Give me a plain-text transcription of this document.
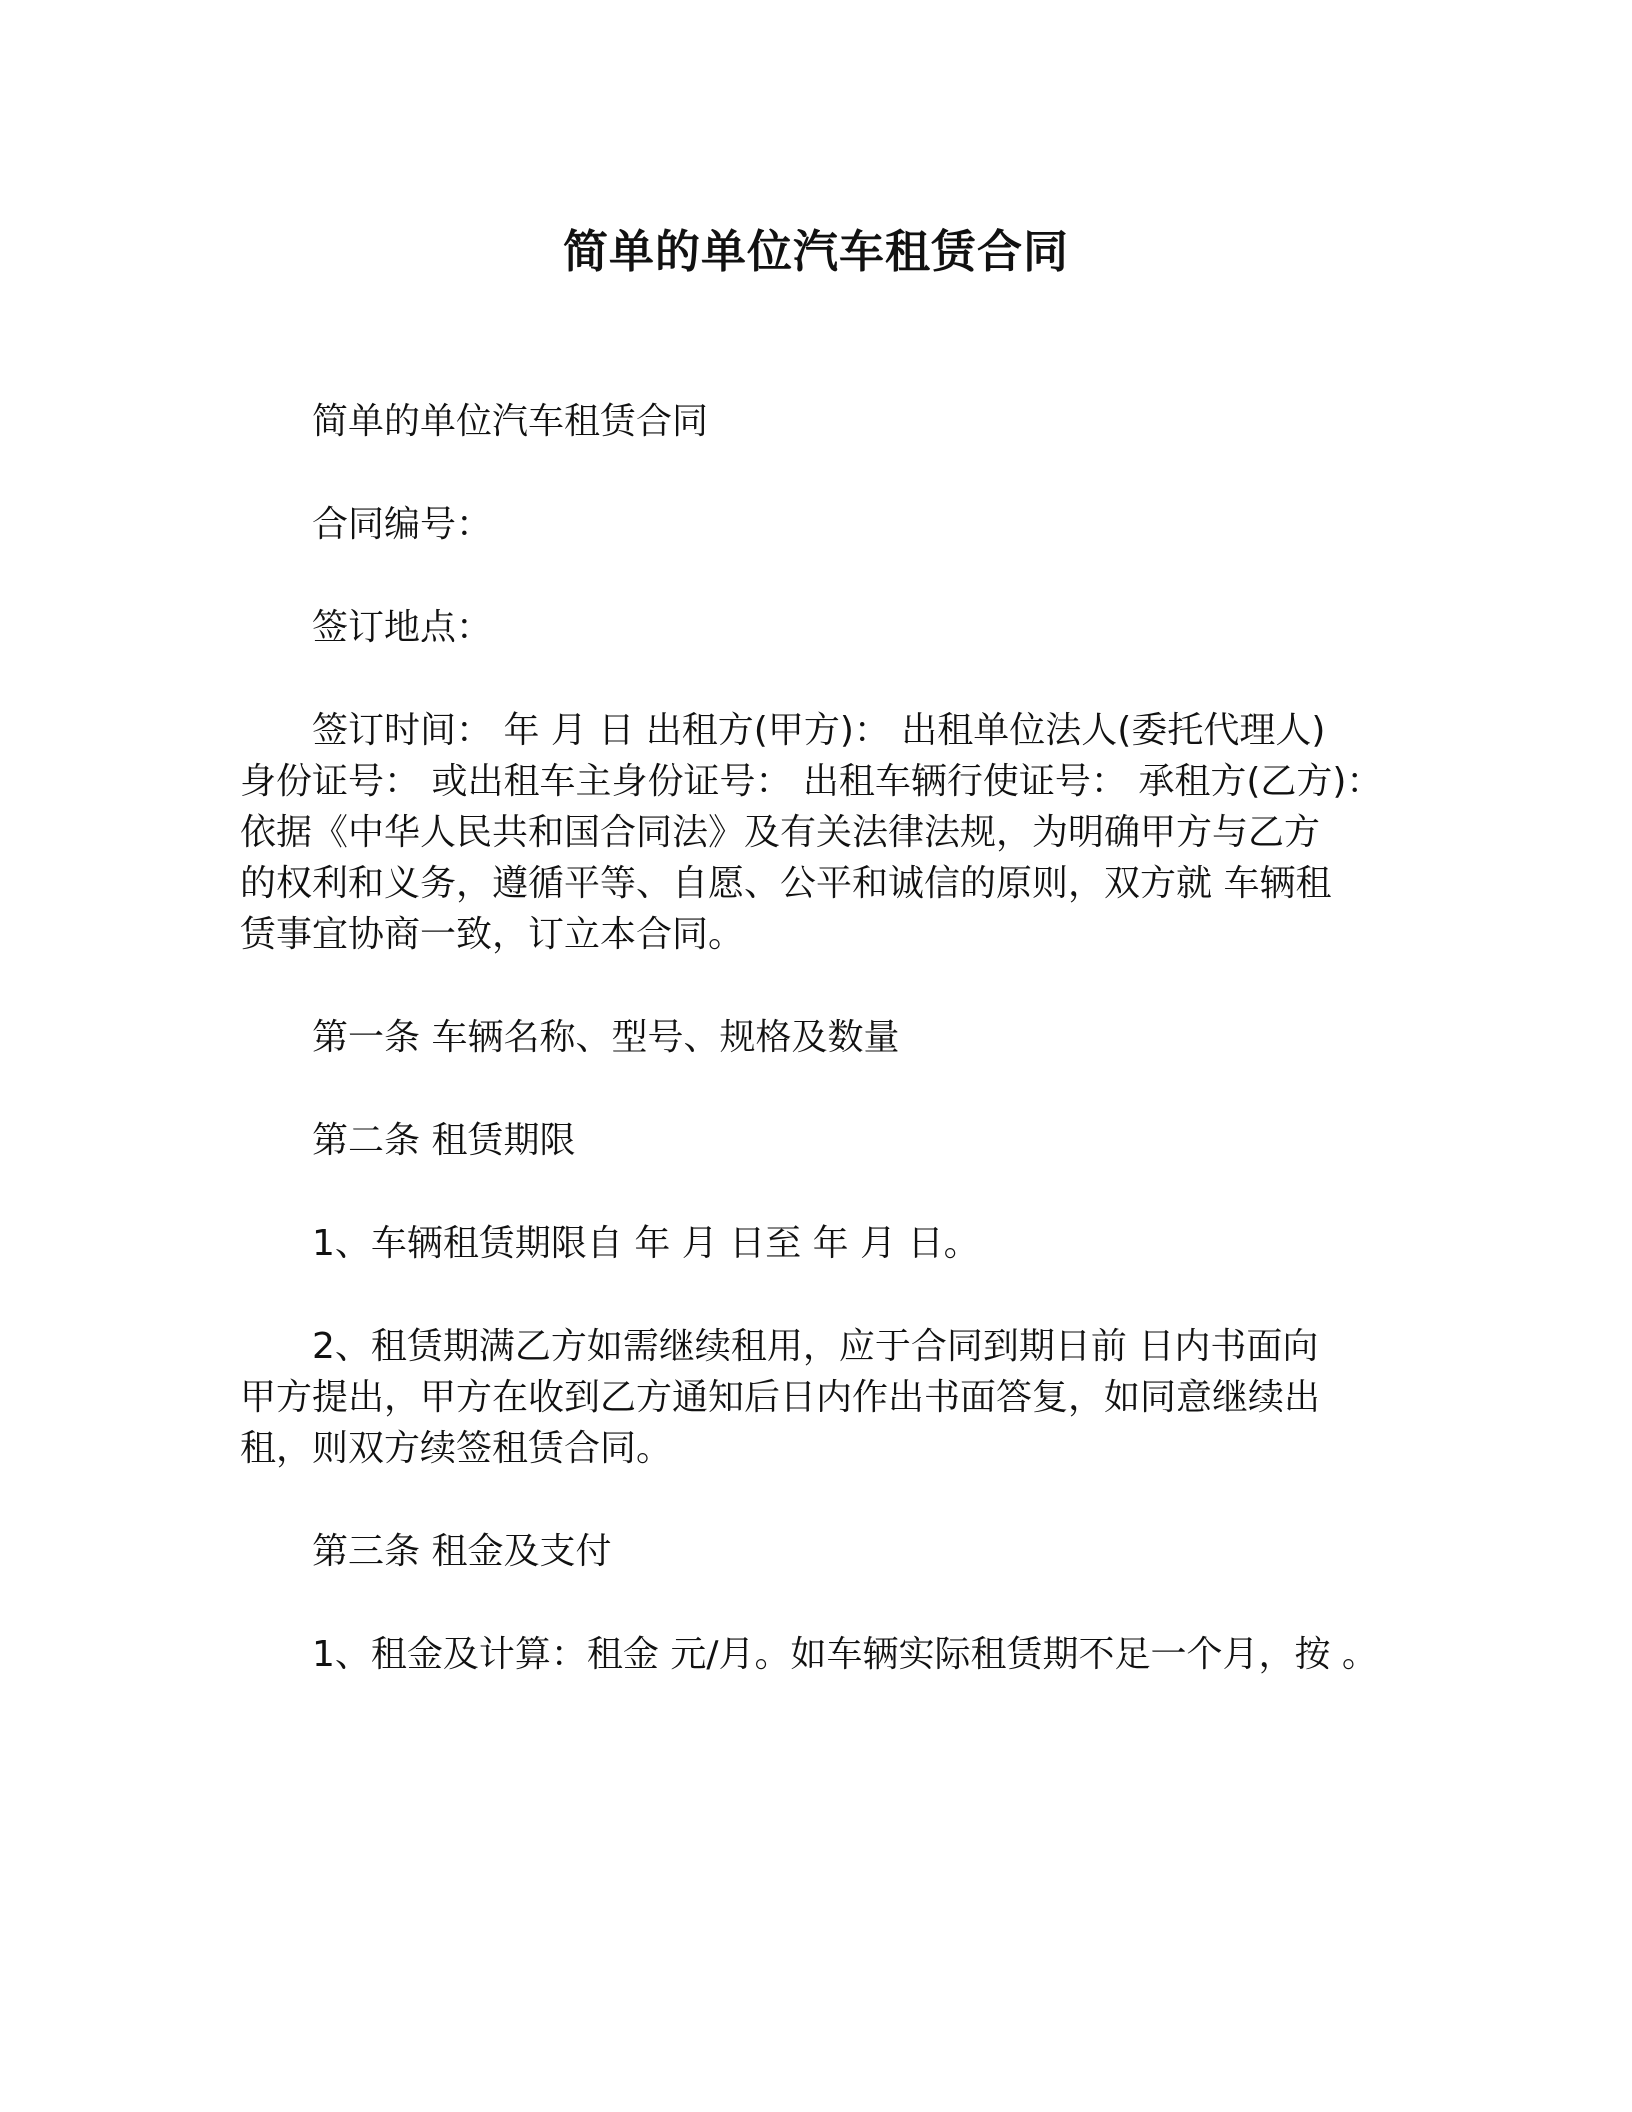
简单的单位汽车租赁合同

简单的单位汽车租赁合同

合同编号：

签订地点：

签订时间： 年 月 日 出租方(甲方)： 出租单位法人(委托代理人)
身份证号： 或出租车主身份证号： 出租车辆行使证号： 承租方(乙方)：
依据《中华人民共和国合同法》及有关法律法规，为明确甲方与乙方
的权利和义务，遵循平等、自愿、公平和诚信的原则，双方就 车辆租
赁事宜协商一致，订立本合同。

第一条 车辆名称、型号、规格及数量

第二条 租赁期限

1、车辆租赁期限自 年 月 日至 年 月 日。

2、租赁期满乙方如需继续租用，应于合同到期日前 日内书面向
甲方提出，甲方在收到乙方通知后日内作出书面答复，如同意继续出
租，则双方续签租赁合同。

第三条 租金及支付

1、租金及计算：租金 元/月。如车辆实际租赁期不足一个月，按 。
